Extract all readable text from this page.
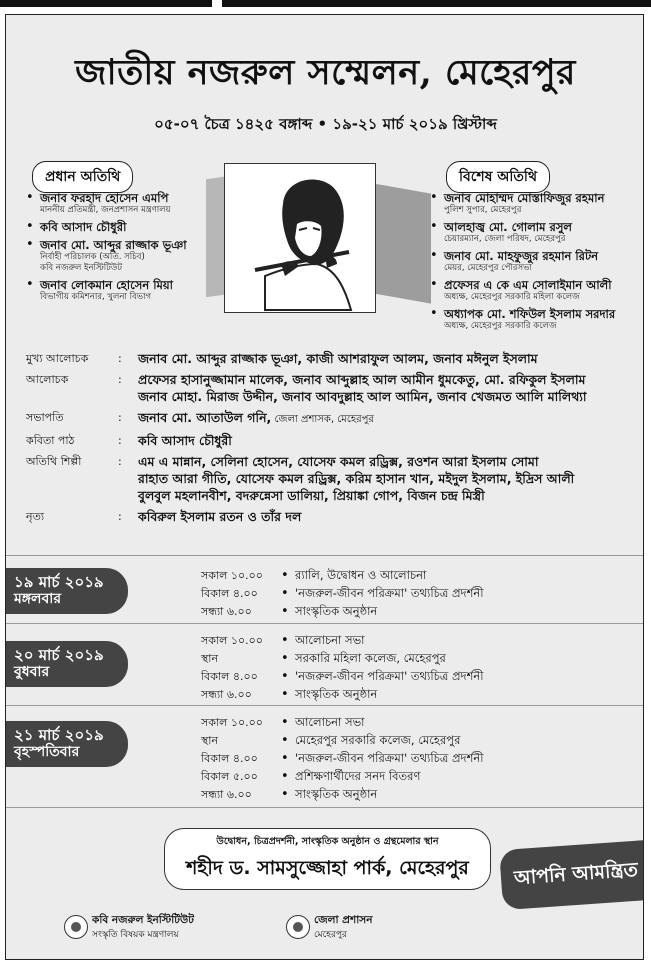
জাতীয় নজরুল সম্মেলন, মেহেরপুর
০৫-০৭ চৈত্র ১৪২৫ বঙ্গাব্দ • ১৯-২১ মার্চ ২০১৯ খ্রিস্টাব্দ
প্রধান অতিথি
• জনাব ফরহাদ হোসেন এমপি
মাননীয় প্রতিমন্ত্রী, জনপ্রশাসন মন্ত্রণালয়
• কবি আসাদ চৌধুরী
• জনাব মো. আব্দুর রাজ্জাক ভূঞা
নির্বাহী পরিচালক (অতি. সচিব)
কবি নজরুল ইনস্টিটিউট
• জনাব লোকমান হোসেন মিয়া
বিভাগীয় কমিশনার, খুলনা বিভাগ
বিশেষ অতিথি
• জনাব মোহাম্মদ মোস্তাফিজুর রহমান
পুলিশ সুপার, মেহেরপুর
• আলহাজ্ব মো. গোলাম রসুল
চেয়ারম্যান, জেলা পরিষদ, মেহেরপুর
• জনাব মো. মাহফুজুর রহমান রিটন
মেয়র, মেহেরপুর পৌরসভা
• প্রফেসর এ কে এম সোলাইমান আলী
অধ্যক্ষ, মেহেরপুর সরকারি মহিলা কলেজ
• অধ্যাপক মো. শফিউল ইসলাম সরদার
অধ্যক্ষ, মেহেরপুর সরকারি কলেজ
মুখ্য আলোচক	: জনাব মো. আব্দুর রাজ্জাক ভূঞা, কাজী আশরাফুল আলম, জনাব মঈনুল ইসলাম
আলোচক	: প্রফেসর হাসানুজ্জামান মালেক, জনাব আব্দুল্লাহ আল আমীন ধুমকেতু, মো. রফিকুল ইসলাম
জনাব মোহা. মিরাজ উদ্দীন, জনাব আবদুল্লাহ আল আমিন, জনাব খেজমত আলি মালিথ্যা
সভাপতি	: জনাব মো. আতাউল গনি, জেলা প্রশাসক, মেহেরপুর
কবিতা পাঠ	: কবি আসাদ চৌধুরী
অতিথি শিল্পী	: এম এ মান্নান, সেলিনা হোসেন, যোসেফ কমল রড্রিক্স, রওশন আরা ইসলাম সোমা
রাহাত আরা গীতি, যোসেফ কমল রড্রিক্স, করিম হাসান খান, মইদুল ইসলাম, ইদ্রিস আলী
বুলবুল মহলানবীশ, বদরুন্নেসা ডালিয়া, প্রিয়াঙ্কা গোপ, বিজন চন্দ্র মিস্ত্রী
নৃত্য	: কবিরুল ইসলাম রতন ও তাঁর দল
১৯ মার্চ ২০১৯
মঙ্গলবার
সকাল ১০.০০ • র‍্যালি, উদ্বোধন ও আলোচনা
বিকাল ৪.০০ • 'নজরুল-জীবন পরিক্রমা' তথ্যচিত্র প্রদর্শনী
সন্ধ্যা ৬.০০ • সাংস্কৃতিক অনুষ্ঠান
২০ মার্চ ২০১৯
বুধবার
সকাল ১০.০০ • আলোচনা সভা
স্থান	• সরকারি মহিলা কলেজ, মেহেরপুর
বিকাল ৪.০০ • 'নজরুল-জীবন পরিক্রমা' তথ্যচিত্র প্রদর্শনী
সন্ধ্যা ৬.০০ • সাংস্কৃতিক অনুষ্ঠান
২১ মার্চ ২০১৯
বৃহস্পতিবার
সকাল ১০.০০ • আলোচনা সভা
স্থান	• মেহেরপুর সরকারি কলেজ, মেহেরপুর
বিকাল ৪.০০ • 'নজরুল-জীবন পরিক্রমা' তথ্যচিত্র প্রদর্শনী
বিকাল ৫.০০ • প্রশিক্ষণার্থীদের সনদ বিতরণ
সন্ধ্যা ৬.০০ • সাংস্কৃতিক অনুষ্ঠান
উদ্বোধন, চিত্রপ্রদর্শনী, সাংস্কৃতিক অনুষ্ঠান ও গ্রন্থমেলার স্থান
শহীদ ড. সামসুজ্জোহা পার্ক, মেহেরপুর	আপনি আমন্ত্রিত
কবি নজরুল ইনস্টিটিউট
সংস্কৃতি বিষয়ক মন্ত্রণালয়
জেলা প্রশাসন
মেহেরপুর
